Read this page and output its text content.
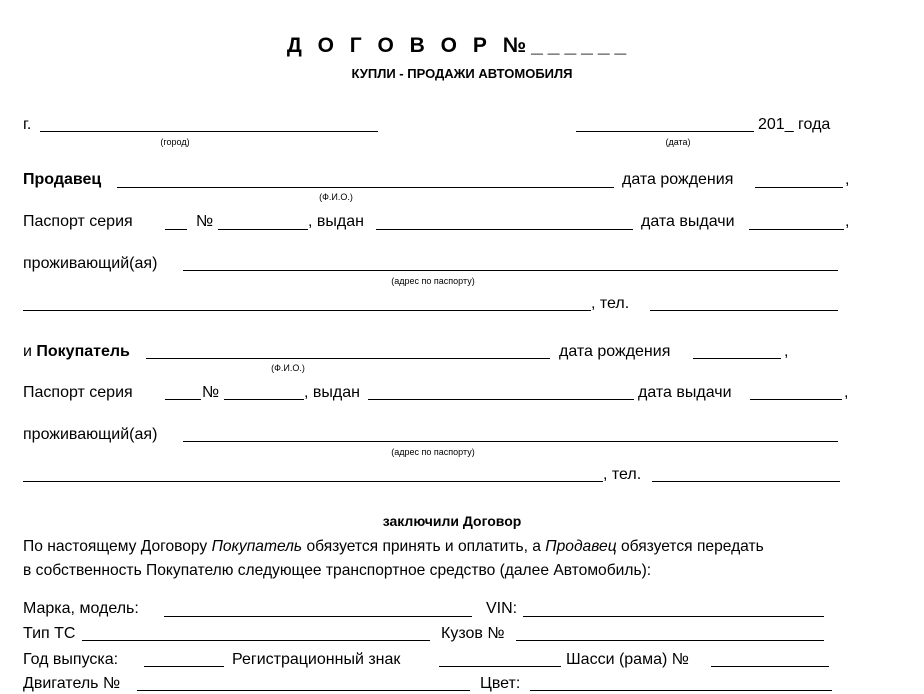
Д О Г О В О Р №______
КУПЛИ - ПРОДАЖИ АВТОМОБИЛЯ
г.
(город)
201_ года
(дата)
Продавец	дата рождения	,
(Ф.И.О.)
Паспорт серия	№	, выдан	дата выдачи	,
проживающий(ая)
(адрес по паспорту)
, тел.
и Покупатель	дата рождения	,
(Ф.И.О.)
Паспорт серия	№	, выдан	дата выдачи	,
проживающий(ая)
(адрес по паспорту)
, тел.
заключили Договор
По настоящему Договору Покупатель обязуется принять и оплатить, а Продавец обязуется передать
в собственность Покупателю следующее транспортное средство (далее Автомобиль):
Марка, модель:	VIN:
Тип ТС	Кузов №
Год выпуска:	Регистрационный знак	Шасси (рама) №
Двигатель №	Цвет:
